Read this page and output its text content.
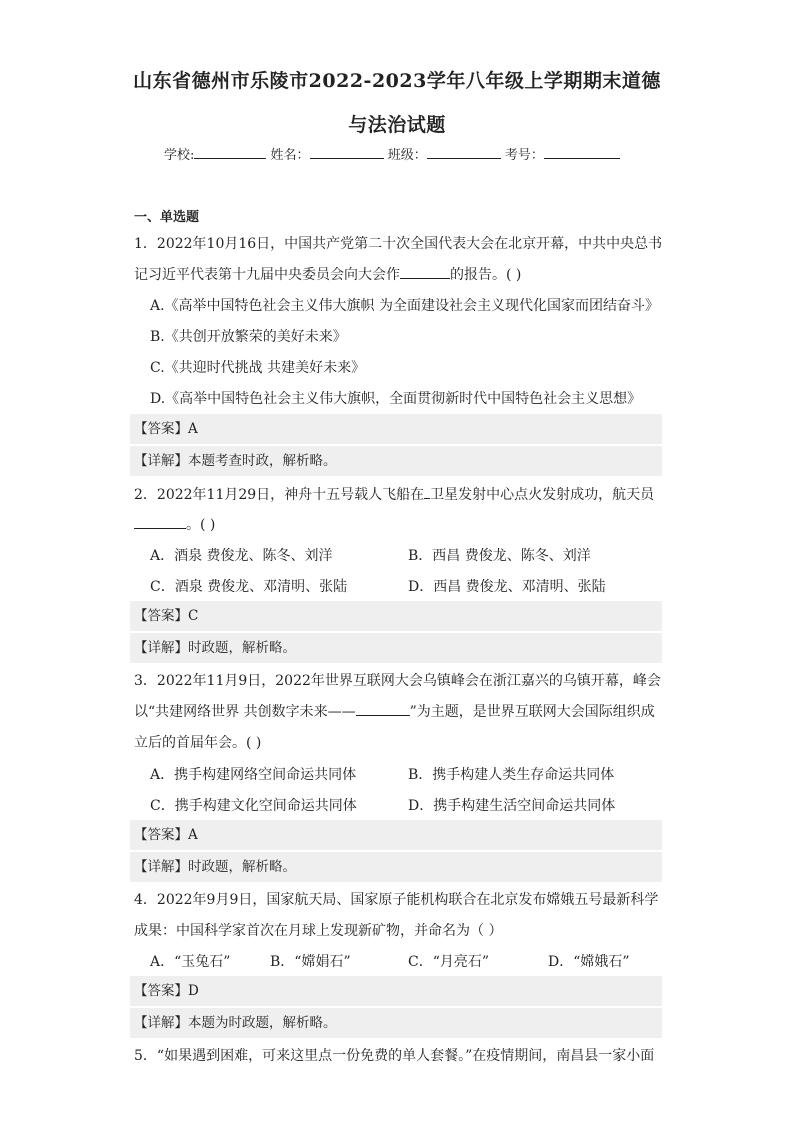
山东省德州市乐陵市2022-2023学年八年级上学期期末道德
与法治试题
学校:	姓名：	班级：	考号：
一、单选题
1．2022年10月16日，中国共产党第二十次全国代表大会在北京开幕，中共中央总书
记习近平代表第十九届中央委员会向大会作	的报告。( )
A.《高举中国特色社会主义伟大旗帜 为全面建设社会主义现代化国家而团结奋斗》
B.《共创开放繁荣的美好未来》
C.《共迎时代挑战 共建美好未来》
D.《高举中国特色社会主义伟大旗帜，全面贯彻新时代中国特色社会主义思想》
【答案】A
【详解】本题考查时政，解析略。
2．2022年11月29日，神舟十五号载人飞船在 卫星发射中心点火发射成功，航天员
。( )
A．酒泉 费俊龙、陈冬、刘洋	B．西昌 费俊龙、陈冬、刘洋
C．酒泉 费俊龙、邓清明、张陆	D．西昌 费俊龙、邓清明、张陆
【答案】C
【详解】时政题，解析略。
3．2022年11月9日，2022年世界互联网大会乌镇峰会在浙江嘉兴的乌镇开幕，峰会
以“共建网络世界 共创数字未来——	”为主题，是世界互联网大会国际组织成
立后的首届年会。( )
A．携手构建网络空间命运共同体	B．携手构建人类生存命运共同体
C．携手构建文化空间命运共同体	D．携手构建生活空间命运共同体
【答案】A
【详解】时政题，解析略。
4．2022年9月9日，国家航天局、国家原子能机构联合在北京发布嫦娥五号最新科学
成果：中国科学家首次在月球上发现新矿物，并命名为（ ）
A．“玉兔石”	B．“嫦娟石”	C．“月亮石”	D．“嫦娥石”
【答案】D
【详解】本题为时政题，解析略。
5．“如果遇到困难，可来这里点一份免费的单人套餐。”在疫情期间，南昌县一家小面
